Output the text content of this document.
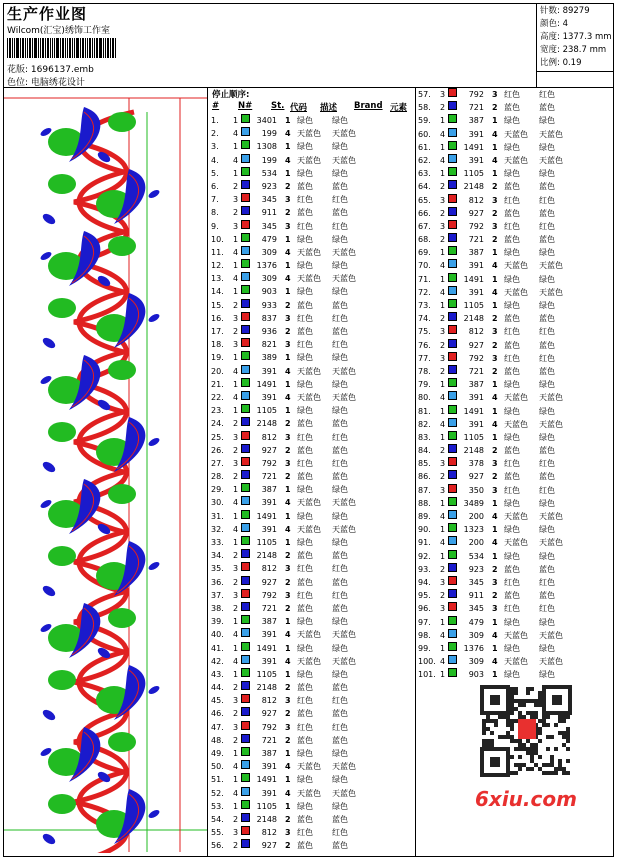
生产作业图
Wilcom(汇宝)绣饰工作室
花版: 1696137.emb
色位: 电脑绣花设计
针数: 89279
颜色: 4
高度: 1377.3 mm
宽度: 238.7 mm
比例: 0.19
停止顺序:
# N# St. 代码 描述 Brand 元素
1. 1	3401 1 绿色 绿色
2. 4	199 4 天蓝色 天蓝色
3. 1	1308 1 绿色 绿色
4. 4	199 4 天蓝色 天蓝色
5. 1	534 1 绿色 绿色
6. 2	923 2 蓝色 蓝色
7. 3	345 3 红色 红色
8. 2	911 2 蓝色 蓝色
9. 3	345 3 红色 红色
10. 1	479 1 绿色 绿色
11. 4	309 4 天蓝色 天蓝色
12. 1	1376 1 绿色 绿色
13. 4	309 4 天蓝色 天蓝色
14. 1	903 1 绿色 绿色
15. 2	933 2 蓝色 蓝色
16. 3	837 3 红色 红色
17. 2	936 2 蓝色 蓝色
18. 3	821 3 红色 红色
19. 1	389 1 绿色 绿色
20. 4	391 4 天蓝色 天蓝色
21. 1	1491 1 绿色 绿色
22. 4	391 4 天蓝色 天蓝色
23. 1	1105 1 绿色 绿色
24. 2	2148 2 蓝色 蓝色
25. 3	812 3 红色 红色
26. 2	927 2 蓝色 蓝色
27. 3	792 3 红色 红色
28. 2	721 2 蓝色 蓝色
29. 1	387 1 绿色 绿色
30. 4	391 4 天蓝色 天蓝色
31. 1	1491 1 绿色 绿色
32. 4	391 4 天蓝色 天蓝色
33. 1	1105 1 绿色 绿色
34. 2	2148 2 蓝色 蓝色
35. 3	812 3 红色 红色
36. 2	927 2 蓝色 蓝色
37. 3	792 3 红色 红色
38. 2	721 2 蓝色 蓝色
39. 1	387 1 绿色 绿色
40. 4	391 4 天蓝色 天蓝色
41. 1	1491 1 绿色 绿色
42. 4	391 4 天蓝色 天蓝色
43. 1	1105 1 绿色 绿色
44. 2	2148 2 蓝色 蓝色
45. 3	812 3 红色 红色
46. 2	927 2 蓝色 蓝色
47. 3	792 3 红色 红色
48. 2	721 2 蓝色 蓝色
49. 1	387 1 绿色 绿色
50. 4	391 4 天蓝色 天蓝色
51. 1	1491 1 绿色 绿色
52. 4	391 4 天蓝色 天蓝色
53. 1	1105 1 绿色 绿色
54. 2	2148 2 蓝色 蓝色
55. 3	812 3 红色 红色
56. 2	927 2 蓝色 蓝色
57. 3	792 3 红色 红色
58. 2	721 2 蓝色 蓝色
59. 1	387 1 绿色 绿色
60. 4	391 4 天蓝色 天蓝色
61. 1	1491 1 绿色 绿色
62. 4	391 4 天蓝色 天蓝色
63. 1	1105 1 绿色 绿色
64. 2	2148 2 蓝色 蓝色
65. 3	812 3 红色 红色
66. 2	927 2 蓝色 蓝色
67. 3	792 3 红色 红色
68. 2	721 2 蓝色 蓝色
69. 1	387 1 绿色 绿色
70. 4	391 4 天蓝色 天蓝色
71. 1	1491 1 绿色 绿色
72. 4	391 4 天蓝色 天蓝色
73. 1	1105 1 绿色 绿色
74. 2	2148 2 蓝色 蓝色
75. 3	812 3 红色 红色
76. 2	927 2 蓝色 蓝色
77. 3	792 3 红色 红色
78. 2	721 2 蓝色 蓝色
79. 1	387 1 绿色 绿色
80. 4	391 4 天蓝色 天蓝色
81. 1	1491 1 绿色 绿色
82. 4	391 4 天蓝色 天蓝色
83. 1	1105 1 绿色 绿色
84. 2	2148 2 蓝色 蓝色
85. 3	378 3 红色 红色
86. 2	927 2 蓝色 蓝色
87. 3	350 3 红色 红色
88. 1	3489 1 绿色 绿色
89. 4	200 4 天蓝色 天蓝色
90. 1	1323 1 绿色 绿色
91. 4	200 4 天蓝色 天蓝色
92. 1	534 1 绿色 绿色
93. 2	923 2 蓝色 蓝色
94. 3	345 3 红色 红色
95. 2	911 2 蓝色 蓝色
96. 3	345 3 红色 红色
97. 1	479 1 绿色 绿色
98. 4	309 4 天蓝色 天蓝色
99. 1	1376 1 绿色 绿色
100. 4	309 4 天蓝色 天蓝色
101. 1	903 1 绿色 绿色
6xiu.com
